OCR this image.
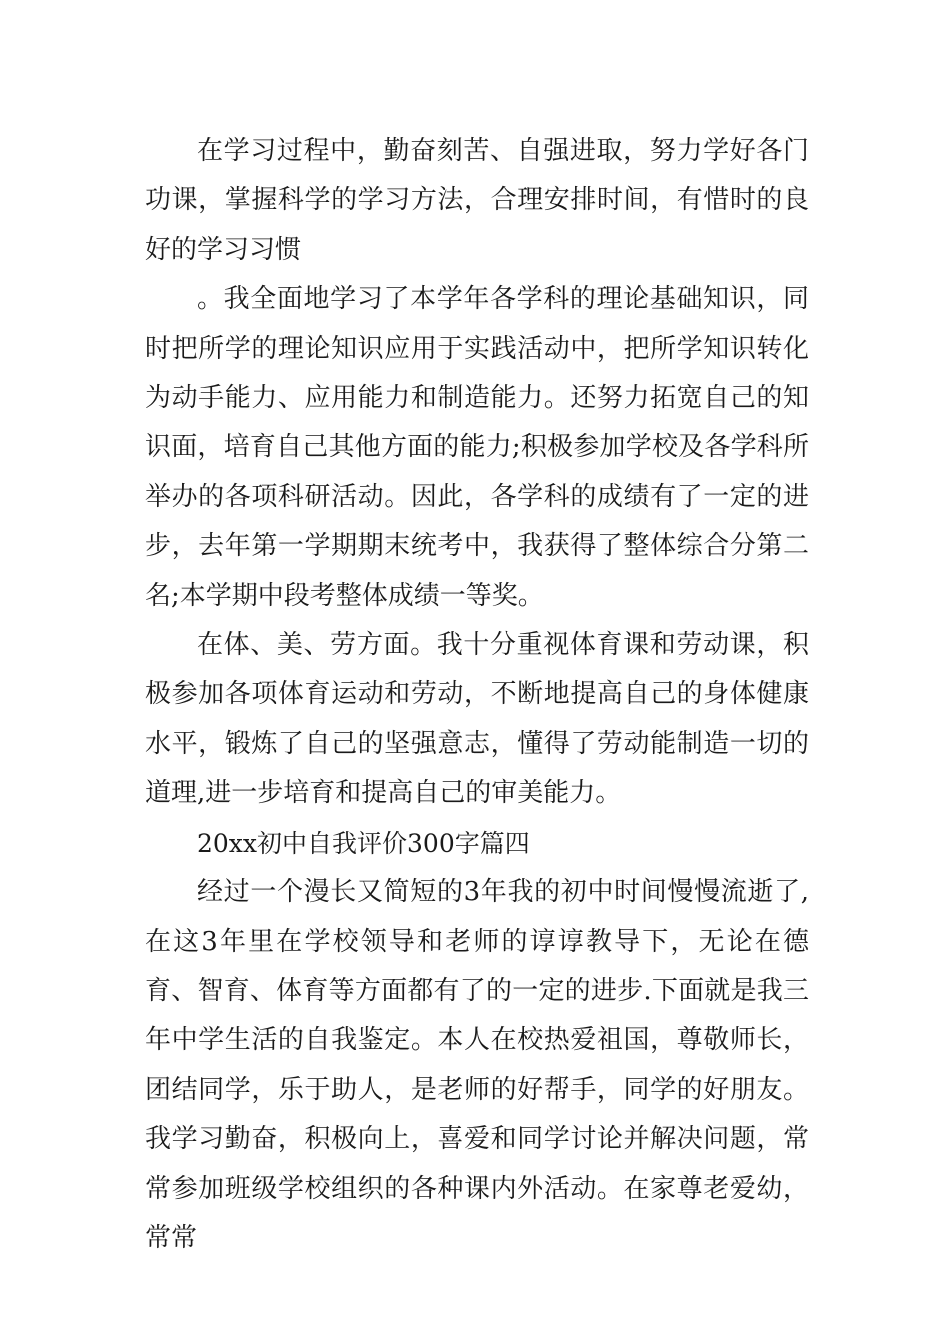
在学习过程中，勤奋刻苦、自强进取，努力学好各门功课，掌握科学的学习方法，合理安排时间，有惜时的良好的学习习惯

。我全面地学习了本学年各学科的理论基础知识，同时把所学的理论知识应用于实践活动中，把所学知识转化为动手能力、应用能力和制造能力。还努力拓宽自己的知识面，培育自己其他方面的能力;积极参加学校及各学科所举办的各项科研活动。因此，各学科的成绩有了一定的进步，去年第一学期期末统考中，我获得了整体综合分第二名;本学期中段考整体成绩一等奖。

在体、美、劳方面。我十分重视体育课和劳动课，积极参加各项体育运动和劳动，不断地提高自己的身体健康水平，锻炼了自己的坚强意志，懂得了劳动能制造一切的道理,进一步培育和提高自己的审美能力。

20xx初中自我评价300字篇四

经过一个漫长又简短的3年我的初中时间慢慢流逝了,在这3年里在学校领导和老师的谆谆教导下，无论在德育、智育、体育等方面都有了的一定的进步.下面就是我三年中学生活的自我鉴定。本人在校热爱祖国，尊敬师长，团结同学，乐于助人，是老师的好帮手，同学的好朋友。我学习勤奋，积极向上，喜爱和同学讨论并解决问题，常常参加班级学校组织的各种课内外活动。在家尊老爱幼，常常
